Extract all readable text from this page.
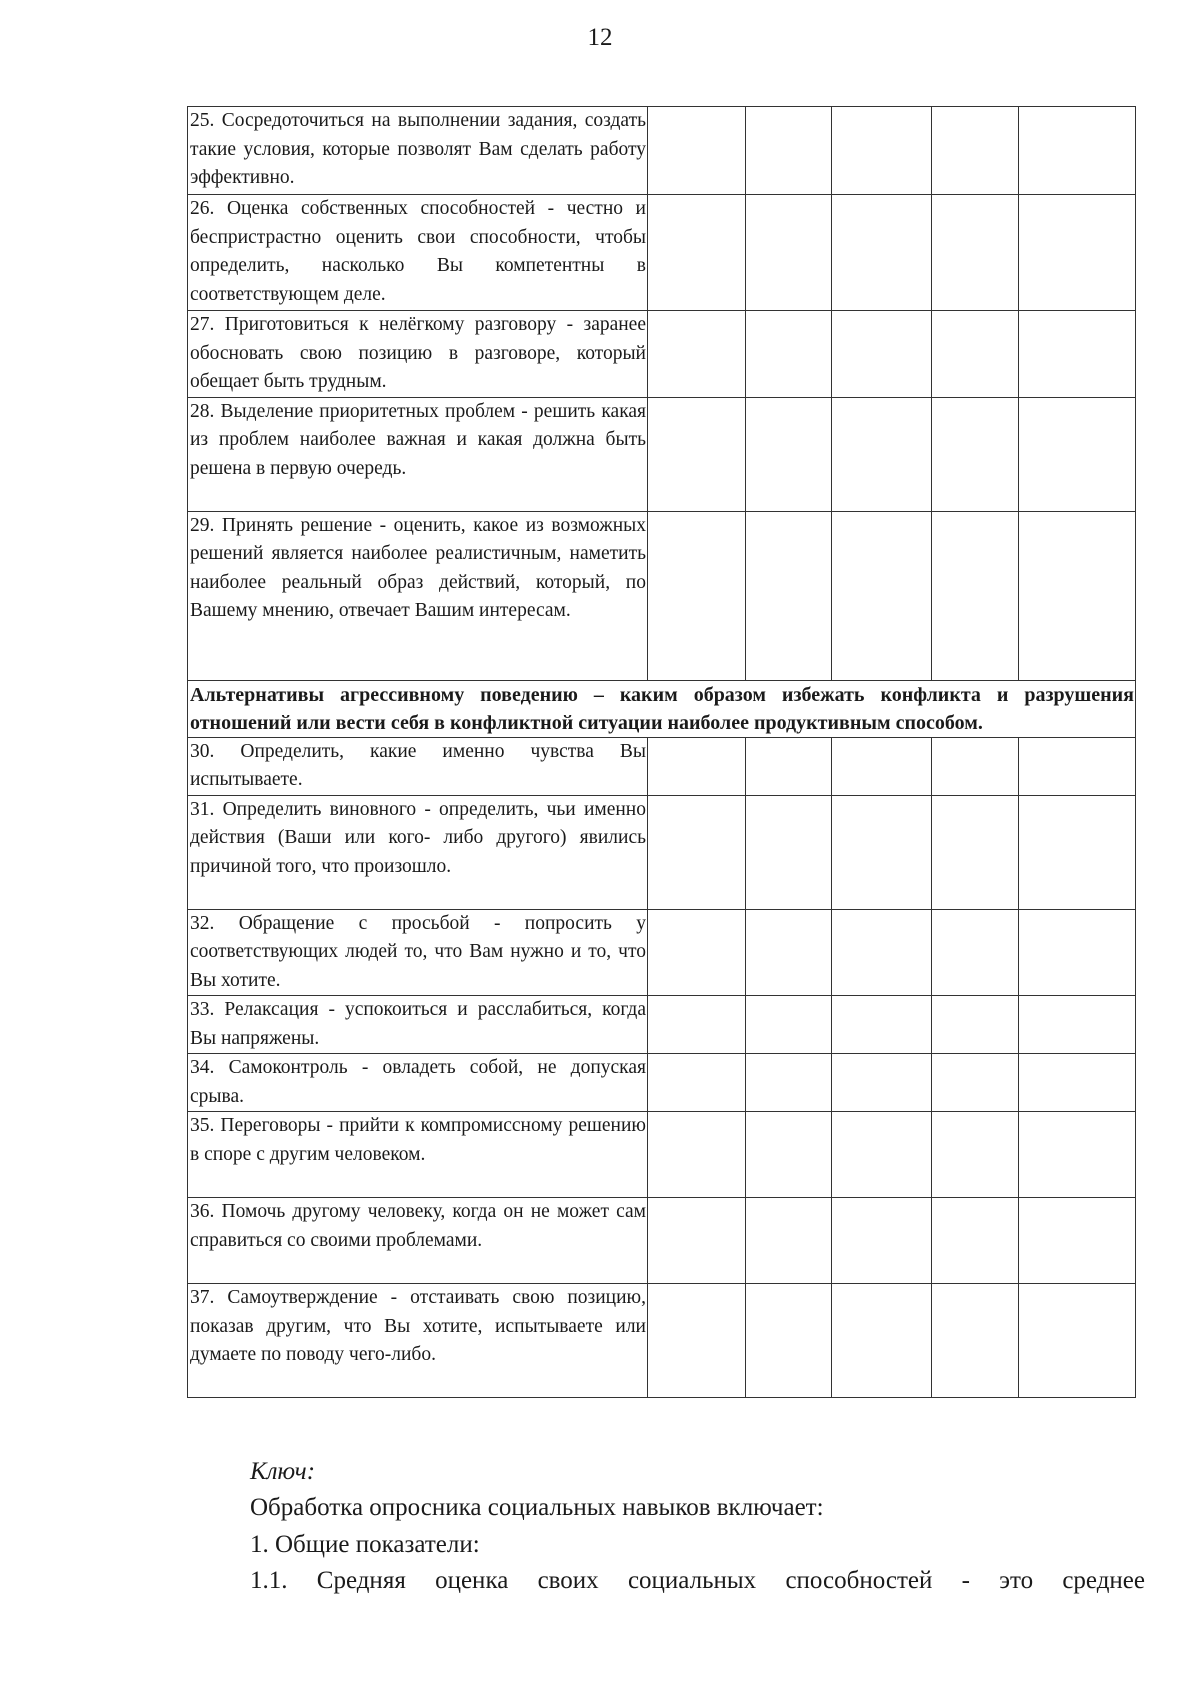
12
25. Сосредоточиться на выполнении задания, создать такие условия, которые позволят Вам сделать работу эффективно.					
26. Оценка собственных способностей - честно и беспристрастно оценить свои способности, чтобы определить, насколько Вы компетентны в соответствующем деле.					
27. Приготовиться к нелёгкому разговору - заранее обосновать свою позицию в разговоре, который обещает быть трудным.					
28. Выделение приоритетных проблем - решить какая из проблем наиболее важная и какая должна быть решена в первую очередь.					
29. Принять решение - оценить, какое из возможных решений является наиболее реалистичным, наметить наиболее реальный образ действий, который, по Вашему мнению, отвечает Вашим интересам.					
Альтернативы агрессивному поведению – каким образом избежать конфликта и разрушения отношений или вести себя в конфликтной ситуации наиболее продуктивным способом.					
30. Определить, какие именно чувства Вы испытываете.					
31. Определить виновного - определить, чьи именно действия (Ваши или кого- либо другого) явились причиной того, что произошло.					
32. Обращение с просьбой - попросить у соответствующих людей то, что Вам нужно и то, что Вы хотите.					
33. Релаксация - успокоиться и расслабиться, когда Вы напряжены.					
34. Самоконтроль - овладеть собой, не допуская срыва.					
35. Переговоры - прийти к компромиссному решению в споре с другим человеком.					
36. Помочь другому человеку, когда он не может сам справиться со своими проблемами.					
37. Самоутверждение - отстаивать свою позицию, показав другим, что Вы хотите, испытываете или думаете по поводу чего-либо.					
Ключ:
Обработка опросника социальных навыков включает:
1. Общие показатели:
1.1. Средняя оценка своих социальных способностей - это среднее
